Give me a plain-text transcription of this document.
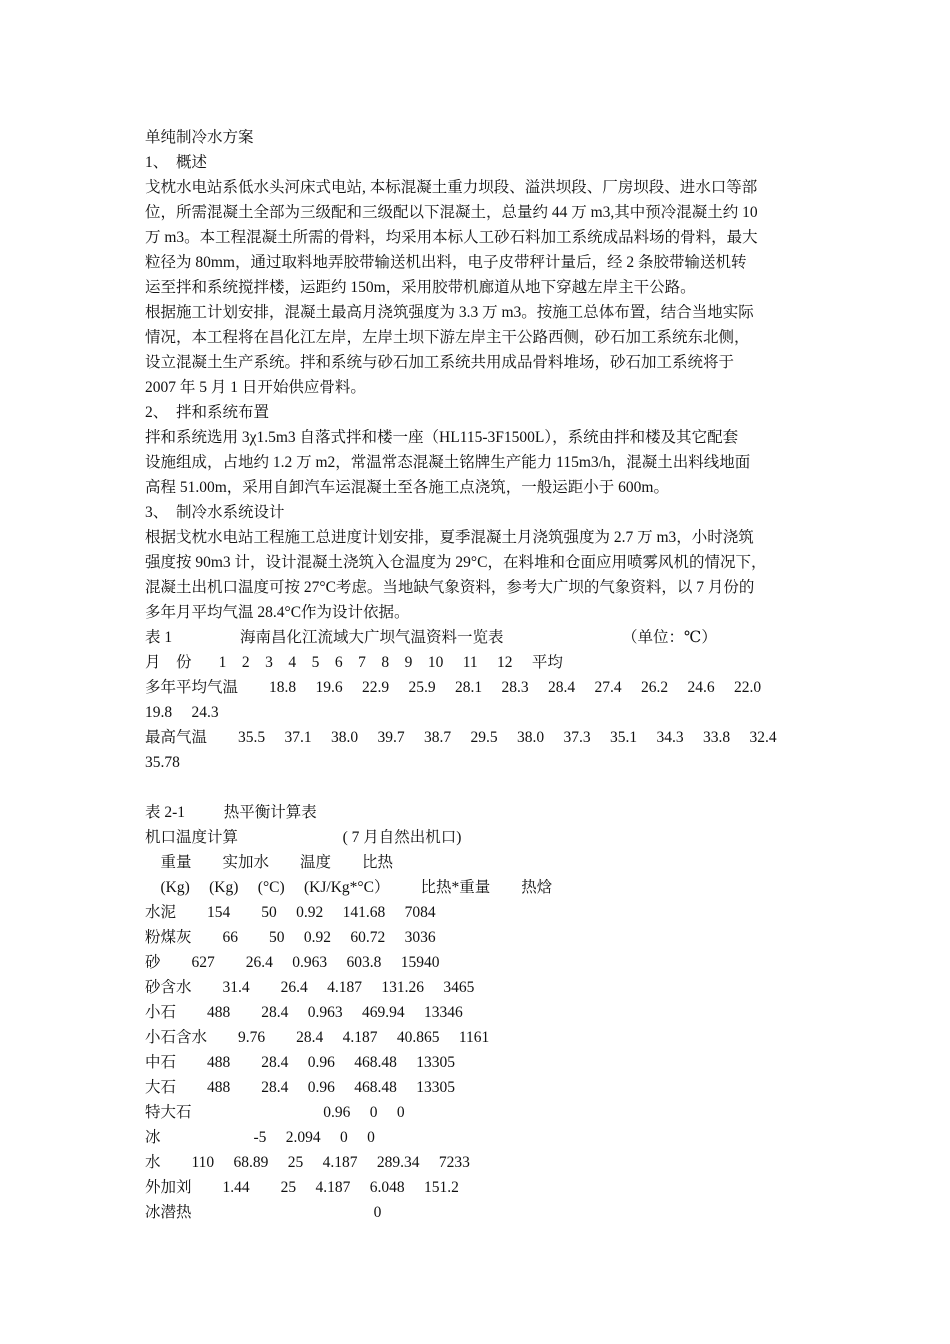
单纯制冷水方案
1、  概述
戈枕水电站系低水头河床式电站, 本标混凝土重力坝段、溢洪坝段、厂房坝段、进水口等部
位，所需混凝土全部为三级配和三级配以下混凝土，总量约 44 万 m3,其中预冷混凝土约 10
万 m3。本工程混凝土所需的骨料，均采用本标人工砂石料加工系统成品料场的骨料，最大
粒径为 80mm，通过取料地弄胶带输送机出料，电子皮带秤计量后，经 2 条胶带输送机转
运至拌和系统搅拌楼，运距约 150m，采用胶带机廊道从地下穿越左岸主干公路。
根据施工计划安排，混凝土最高月浇筑强度为 3.3 万 m3。按施工总体布置，结合当地实际
情况，本工程将在昌化江左岸，左岸土坝下游左岸主干公路西侧，砂石加工系统东北侧，
设立混凝土生产系统。拌和系统与砂石加工系统共用成品骨料堆场，砂石加工系统将于
2007 年 5 月 1 日开始供应骨料。
2、  拌和系统布置
拌和系统选用 3χ1.5m3 自落式拌和楼一座（HL115-3F1500L），系统由拌和楼及其它配套
设施组成，占地约 1.2 万 m2，常温常态混凝土铭牌生产能力 115m3/h，混凝土出料线地面
高程 51.00m，采用自卸汽车运混凝土至各施工点浇筑，一般运距小于 600m。
3、  制冷水系统设计
根据戈枕水电站工程施工总进度计划安排，夏季混凝土月浇筑强度为 2.7 万 m3，小时浇筑
强度按 90m3 计，设计混凝土浇筑入仓温度为 29°C，在料堆和仓面应用喷雾风机的情况下，
混凝土出机口温度可按 27°C考虑。当地缺气象资料，参考大广坝的气象资料，以 7 月份的
多年月平均气温 28.4°C作为设计依据。
表 1	海南昌化江流域大广坝气温资料一览表	（单位：℃）
月    份       1    2    3    4    5    6    7    8    9    10     11     12     平均
多年平均气温        18.8     19.6     22.9     25.9     28.1     28.3     28.4     27.4     26.2     24.6     22.0
19.8     24.3
最高气温        35.5     37.1     38.0     39.7     38.7     29.5     38.0     37.3     35.1     34.3     33.8     32.4
35.78
表 2-1          热平衡计算表
机口温度计算                           ( 7 月自然出机口)
重量        实加水        温度        比热
(Kg)     (Kg)     (°C)     (KJ/Kg*°C）        比热*重量        热焓
水泥        154        50     0.92     141.68     7084
粉煤灰        66        50     0.92     60.72     3036
砂        627        26.4     0.963     603.8     15940
砂含水        31.4        26.4     4.187     131.26     3465
小石        488        28.4     0.963     469.94     13346
小石含水        9.76        28.4     4.187     40.865     1161
中石        488        28.4     0.96     468.48     13305
大石        488        28.4     0.96     468.48     13305
特大石                                  0.96     0     0
冰                        -5     2.094     0     0
水        110     68.89     25     4.187     289.34     7233
外加刘        1.44        25     4.187     6.048     151.2
冰潜热                                               0
